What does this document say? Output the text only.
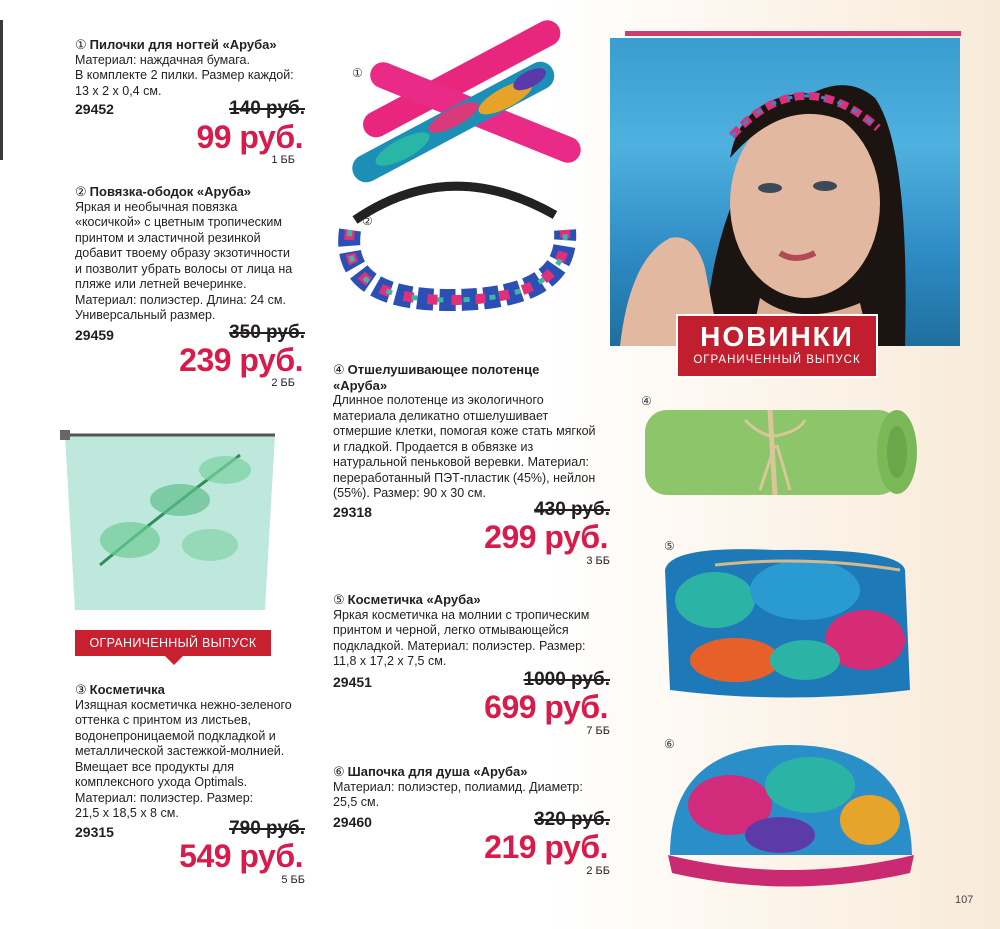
① Пилочки для ногтей «Аруба»
Материал: наждачная бумага.
В комплекте 2 пилки. Размер каждой:
13 х 2 х 0,4 см.
29452	140 руб.
99 руб.
1 ББ
② Повязка-ободок «Аруба»
Яркая и необычная повязка
«косичкой» с цветным тропическим
принтом и эластичной резинкой
добавит твоему образу экзотичности
и позволит убрать волосы от лица на
пляже или летней вечеринке.
Материал: полиэстер. Длина: 24 см.
Универсальный размер.
29459	350 руб.
239 руб.
2 ББ
ОГРАНИЧЕННЫЙ ВЫПУСК
③ Косметичка
Изящная косметичка нежно-зеленого
оттенка с принтом из листьев,
водонепроницаемой подкладкой и
металлической застежкой-молнией.
Вмещает все продукты для
комплексного ухода Optimals.
Материал: полиэстер. Размер:
21,5 х 18,5 х 8 см.
29315	790 руб.
549 руб.
5 ББ
④ Отшелушивающее полотенце
«Аруба»
Длинное полотенце из экологичного
материала деликатно отшелушивает
отмершие клетки, помогая коже стать мягкой
и гладкой. Продается в обвязке из
натуральной пеньковой веревки. Материал:
переработанный ПЭТ-пластик (45%), нейлон
(55%). Размер: 90 х 30 см.
29318	430 руб.
299 руб.
3 ББ
⑤ Косметичка «Аруба»
Яркая косметичка на молнии с тропическим
принтом и черной, легко отмывающейся
подкладкой. Материал: полиэстер. Размер:
11,8 х 17,2 х 7,5 см.
29451	1000 руб.
699 руб.
7 ББ
⑥ Шапочка для душа «Аруба»
Материал: полиэстер, полиамид. Диаметр:
25,5 см.
29460	320 руб.
219 руб.
2 ББ
①
②
④
⑤
⑥
НОВИНКИ
ОГРАНИЧЕННЫЙ ВЫПУСК
107
